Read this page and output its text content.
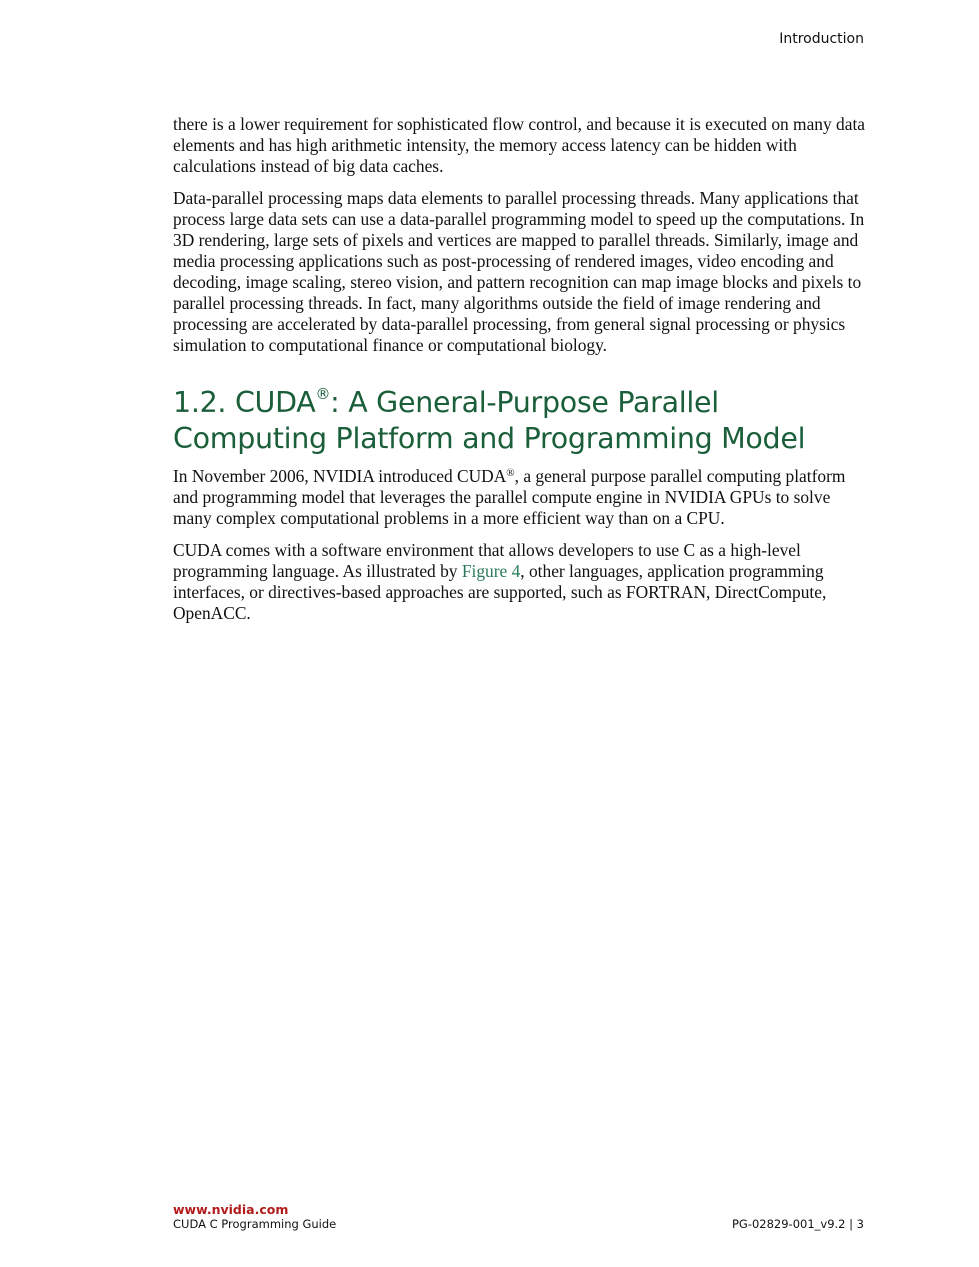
Introduction

there is a lower requirement for sophisticated flow control, and because it is executed on many data elements and has high arithmetic intensity, the memory access latency can be hidden with calculations instead of big data caches.

Data-parallel processing maps data elements to parallel processing threads. Many applications that process large data sets can use a data-parallel programming model to speed up the computations. In 3D rendering, large sets of pixels and vertices are mapped to parallel threads. Similarly, image and media processing applications such as post-processing of rendered images, video encoding and decoding, image scaling, stereo vision, and pattern recognition can map image blocks and pixels to parallel processing threads. In fact, many algorithms outside the field of image rendering and processing are accelerated by data-parallel processing, from general signal processing or physics simulation to computational finance or computational biology.

1.2. CUDA®: A General-Purpose Parallel Computing Platform and Programming Model

In November 2006, NVIDIA introduced CUDA®, a general purpose parallel computing platform and programming model that leverages the parallel compute engine in NVIDIA GPUs to solve many complex computational problems in a more efficient way than on a CPU.

CUDA comes with a software environment that allows developers to use C as a high-level programming language. As illustrated by Figure 4, other languages, application programming interfaces, or directives-based approaches are supported, such as FORTRAN, DirectCompute, OpenACC.

www.nvidia.com
CUDA C Programming Guide	PG-02829-001_v9.2 | 3
